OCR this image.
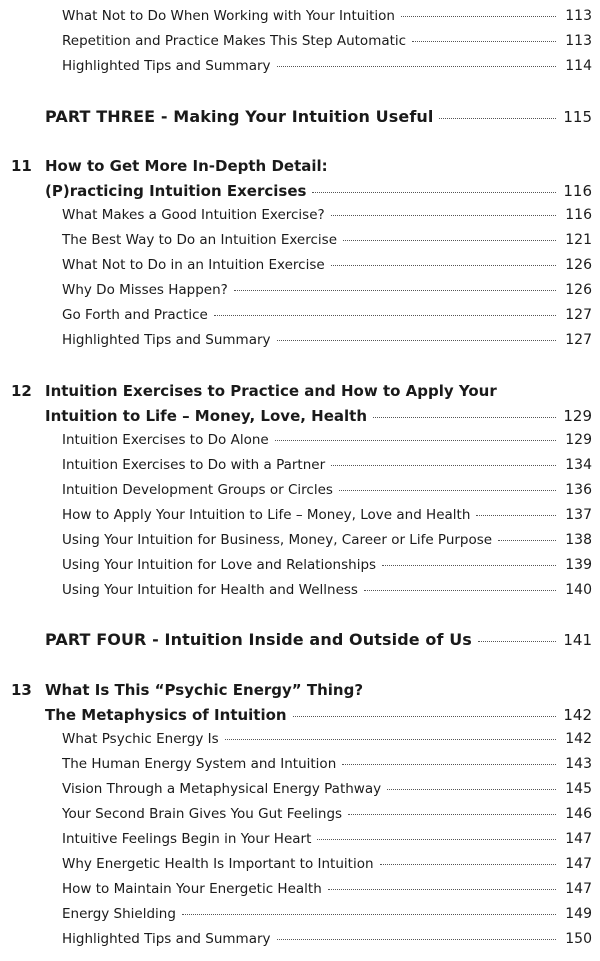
What Not to Do When Working with Your Intuition	113
Repetition and Practice Makes This Step Automatic	113
Highlighted Tips and Summary	114
PART THREE - Making Your Intuition Useful	115
11 How to Get More In-Depth Detail:
(P)racticing Intuition Exercises	116
What Makes a Good Intuition Exercise?	116
The Best Way to Do an Intuition Exercise	121
What Not to Do in an Intuition Exercise	126
Why Do Misses Happen?	126
Go Forth and Practice	127
Highlighted Tips and Summary	127
12 Intuition Exercises to Practice and How to Apply Your
Intuition to Life – Money, Love, Health	129
Intuition Exercises to Do Alone	129
Intuition Exercises to Do with a Partner	134
Intuition Development Groups or Circles	136
How to Apply Your Intuition to Life – Money, Love and Health	137
Using Your Intuition for Business, Money, Career or Life Purpose	138
Using Your Intuition for Love and Relationships	139
Using Your Intuition for Health and Wellness	140
PART FOUR - Intuition Inside and Outside of Us	141
13 What Is This “Psychic Energy” Thing?
The Metaphysics of Intuition	142
What Psychic Energy Is	142
The Human Energy System and Intuition	143
Vision Through a Metaphysical Energy Pathway	145
Your Second Brain Gives You Gut Feelings	146
Intuitive Feelings Begin in Your Heart	147
Why Energetic Health Is Important to Intuition	147
How to Maintain Your Energetic Health	147
Energy Shielding	149
Highlighted Tips and Summary	150
